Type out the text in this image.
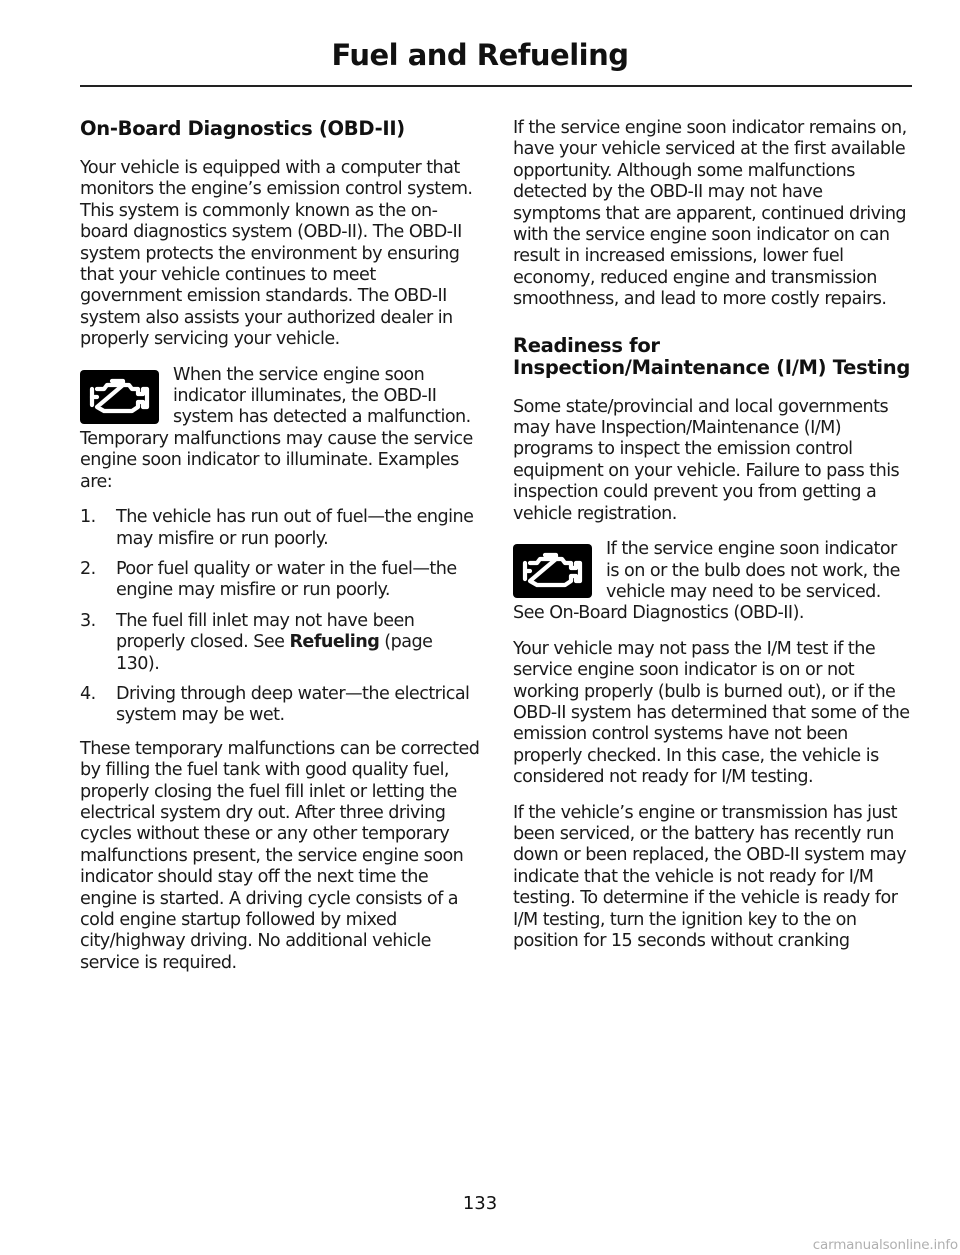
Fuel and Refueling
On-Board Diagnostics (OBD-II)

Your vehicle is equipped with a computer that monitors the engine’s emission control system. This system is commonly known as the on-board diagnostics system (OBD-II). The OBD-II system protects the environment by ensuring that your vehicle continues to meet government emission standards. The OBD-II system also assists your authorized dealer in properly servicing your vehicle.

When the service engine soon indicator illuminates, the OBD-II system has detected a malfunction. Temporary malfunctions may cause the service engine soon indicator to illuminate. Examples are:

1. The vehicle has run out of fuel—the engine may misfire or run poorly.
2. Poor fuel quality or water in the fuel—the engine may misfire or run poorly.
3. The fuel fill inlet may not have been properly closed. See Refueling (page 130).
4. Driving through deep water—the electrical system may be wet.

These temporary malfunctions can be corrected by filling the fuel tank with good quality fuel, properly closing the fuel fill inlet or letting the electrical system dry out. After three driving cycles without these or any other temporary malfunctions present, the service engine soon indicator should stay off the next time the engine is started. A driving cycle consists of a cold engine startup followed by mixed city/highway driving. No additional vehicle service is required.

If the service engine soon indicator remains on, have your vehicle serviced at the first available opportunity. Although some malfunctions detected by the OBD-II may not have symptoms that are apparent, continued driving with the service engine soon indicator on can result in increased emissions, lower fuel economy, reduced engine and transmission smoothness, and lead to more costly repairs.

Readiness for Inspection/Maintenance (I/M) Testing

Some state/provincial and local governments may have Inspection/Maintenance (I/M) programs to inspect the emission control equipment on your vehicle. Failure to pass this inspection could prevent you from getting a vehicle registration.

If the service engine soon indicator is on or the bulb does not work, the vehicle may need to be serviced. See On-Board Diagnostics (OBD-II).

Your vehicle may not pass the I/M test if the service engine soon indicator is on or not working properly (bulb is burned out), or if the OBD-II system has determined that some of the emission control systems have not been properly checked. In this case, the vehicle is considered not ready for I/M testing.

If the vehicle’s engine or transmission has just been serviced, or the battery has recently run down or been replaced, the OBD-II system may indicate that the vehicle is not ready for I/M testing. To determine if the vehicle is ready for I/M testing, turn the ignition key to the on position for 15 seconds without cranking

133
carmanualsonline.info
